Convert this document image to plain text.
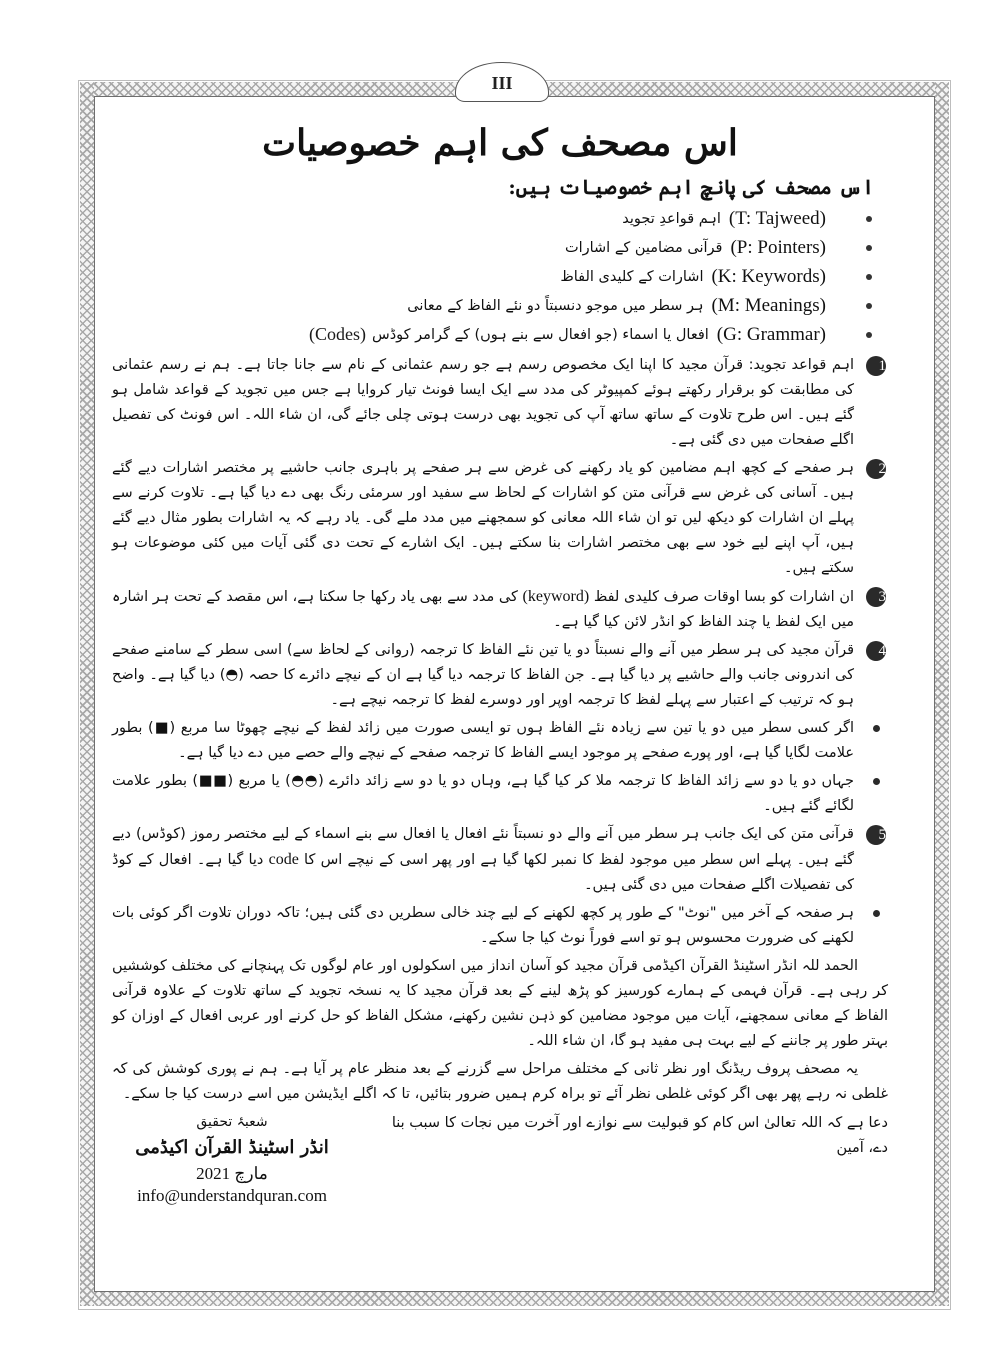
III
اس مصحف کی اہم خصوصیات
اس مصحف کی پانچ اہم خصوصیات ہیں:
(T: Tajweed)
اہم قواعدِ تجوید
(P: Pointers)
قرآنی مضامین کے اشارات
(K: Keywords)
اشارات کے کلیدی الفاظ
(M: Meanings)
ہر سطر میں موجو دنسبتاً دو نئے الفاظ کے معانی
(G: Grammar)
افعال یا اسماء (جو افعال سے بنے ہوں) کے گرامر کوڈس
(Codes)

1
اہم قواعد تجوید: قرآن مجید کا اپنا ایک مخصوص رسم ہے جو رسم عثمانی کے نام سے جانا جاتا ہے۔ ہم نے رسم عثمانی کی مطابقت کو برقرار رکھتے ہوئے کمپیوٹر کی مدد سے ایک ایسا فونٹ تیار کروایا ہے جس میں تجوید کے قواعد شامل ہو گئے ہیں۔ اس طرح تلاوت کے ساتھ ساتھ آپ کی تجوید بھی درست ہوتی چلی جائے گی، ان شاء اللہ۔ اس فونٹ کی تفصیل اگلے صفحات میں دی گئی ہے۔

2
ہر صفحے کے کچھ اہم مضامین کو یاد رکھنے کی غرض سے ہر صفحے پر باہری جانب حاشیے پر مختصر اشارات دیے گئے ہیں۔ آسانی کی غرض سے قرآنی متن کو اشارات کے لحاظ سے سفید اور سرمئی رنگ بھی دے دیا گیا ہے۔ تلاوت کرنے سے پہلے ان اشارات کو دیکھ لیں تو ان شاء اللہ معانی کو سمجھنے میں مدد ملے گی۔ یاد رہے کہ یہ اشارات بطور مثال دیے گئے ہیں، آپ اپنے لیے خود سے بھی مختصر اشارات بنا سکتے ہیں۔ ایک اشارے کے تحت دی گئی آیات میں کئی موضوعات ہو سکتے ہیں۔

3
ان اشارات کو بسا اوقات صرف کلیدی لفظ (keyword) کی مدد سے بھی یاد رکھا جا سکتا ہے، اس مقصد کے تحت ہر اشارہ میں ایک لفظ یا چند الفاظ کو انڈر لائن کیا گیا ہے۔

4
قرآن مجید کی ہر سطر میں آنے والے نسبتاً دو یا تین نئے الفاظ کا ترجمہ (روانی کے لحاظ سے) اسی سطر کے سامنے صفحے کی اندرونی جانب والے حاشیے پر دیا گیا ہے۔ جن الفاظ کا ترجمہ دیا گیا ہے ان کے نیچے دائرے کا حصہ (◓) دیا گیا ہے۔ واضح ہو کہ ترتیب کے اعتبار سے پہلے لفظ کا ترجمہ اوپر اور دوسرے لفظ کا ترجمہ نیچے ہے۔

اگر کسی سطر میں دو یا تین سے زیادہ نئے الفاظ ہوں تو ایسی صورت میں زائد لفظ کے نیچے چھوٹا سا مربع (■) بطور علامت لگایا گیا ہے، اور پورے صفحے پر موجود ایسے الفاظ کا ترجمہ صفحے کے نیچے والے حصے میں دے دیا گیا ہے۔

جہاں دو یا دو سے زائد الفاظ کا ترجمہ ملا کر کیا گیا ہے، وہاں دو یا دو سے زائد دائرے (◓◓) یا مربع (■■) بطور علامت لگائے گئے ہیں۔

5
قرآنی متن کی ایک جانب ہر سطر میں آنے والے دو نسبتاً نئے افعال یا افعال سے بنے اسماء کے لیے مختصر رموز (کوڈس) دیے گئے ہیں۔ پہلے اس سطر میں موجود لفظ کا نمبر لکھا گیا ہے اور پھر اسی کے نیچے اس کا code دیا گیا ہے۔ افعال کے کوڈ کی تفصیلات اگلے صفحات میں دی گئی ہیں۔

ہر صفحہ کے آخر میں "نوٹ" کے طور پر کچھ لکھنے کے لیے چند خالی سطریں دی گئی ہیں؛ تاکہ دوران تلاوت اگر کوئی بات لکھنے کی ضرورت محسوس ہو تو اسے فوراً نوٹ کیا جا سکے۔

الحمد للہ انڈر اسٹینڈ القرآن اکیڈمی قرآن مجید کو آسان انداز میں اسکولوں اور عام لوگوں تک پہنچانے کی مختلف کوششیں کر رہی ہے۔ قرآن فہمی کے ہمارے کورسیز کو پڑھ لینے کے بعد قرآن مجید کا یہ نسخہ تجوید کے ساتھ تلاوت کے علاوہ قرآنی الفاظ کے معانی سمجھنے، آیات میں موجود مضامین کو ذہن نشین رکھنے، مشکل الفاظ کو حل کرنے اور عربی افعال کے اوزان کو بہتر طور پر جاننے کے لیے بہت ہی مفید ہو گا، ان شاء اللہ۔

یہ مصحف پروف ریڈنگ اور نظر ثانی کے مختلف مراحل سے گزرنے کے بعد منظر عام پر آیا ہے۔ ہم نے پوری کوشش کی کہ غلطی نہ رہے پھر بھی اگر کوئی غلطی نظر آئے تو براہ کرم ہمیں ضرور بتائیں، تا کہ اگلے ایڈیشن میں اسے درست کیا جا سکے۔

دعا ہے کہ اللہ تعالیٰ اس کام کو قبولیت سے نوازے اور آخرت میں نجات کا سبب بنا دے، آمین
شعبۂ تحقیق
انڈر اسٹینڈ القرآن اکیڈمی
مارچ 2021
info@understandquran.com
